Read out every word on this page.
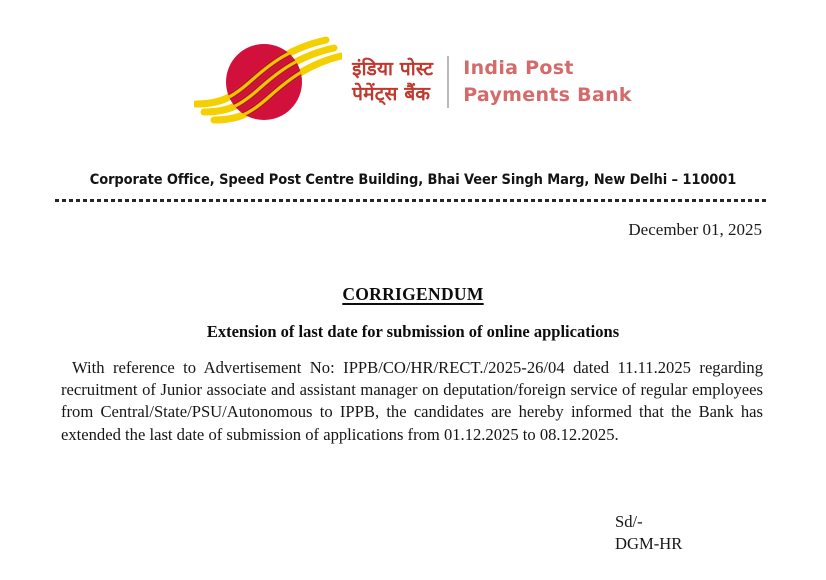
इंडिया पोस्ट
पेमेंट्स बैंक
India Post
Payments Bank
Corporate Office, Speed Post Centre Building, Bhai Veer Singh Marg, New Delhi – 110001
December 01, 2025
CORRIGENDUM
Extension of last date for submission of online applications

With reference to Advertisement No: IPPB/CO/HR/RECT./2025-26/04 dated 11.11.2025 regarding recruitment of Junior associate and assistant manager on deputation/foreign service of regular employees from Central/State/PSU/Autonomous to IPPB, the candidates are hereby informed that the Bank has extended the last date of submission of applications from 01.12.2025 to 08.12.2025.

Sd/-
DGM-HR
